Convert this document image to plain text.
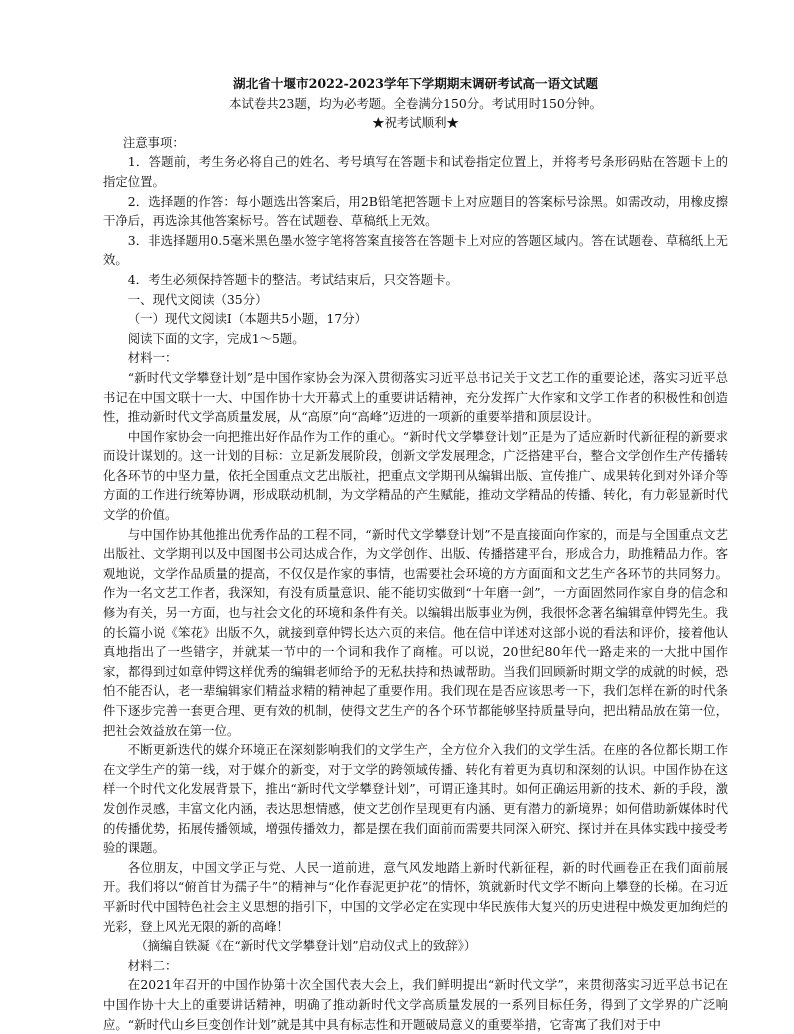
湖北省十堰市2022-2023学年下学期期末调研考试高一语文试题

本试卷共23题，均为必考题。全卷满分150分。考试用时150分钟。

★祝考试顺利★

注意事项：

1．答题前，考生务必将自己的姓名、考号填写在答题卡和试卷指定位置上，并将考号条形码贴在答题卡上的指定位置。

2．选择题的作答：每小题选出答案后，用2B铅笔把答题卡上对应题目的答案标号涂黑。如需改动，用橡皮擦干净后，再选涂其他答案标号。答在试题卷、草稿纸上无效。

3．非选择题用0.5毫米黑色墨水签字笔将答案直接答在答题卡上对应的答题区域内。答在试题卷、草稿纸上无效。

4．考生必须保持答题卡的整洁。考试结束后，只交答题卡。

一、现代文阅读（35分）

（一）现代文阅读Ⅰ（本题共5小题，17分）

阅读下面的文字，完成1～5题。

材料一：

“新时代文学攀登计划”是中国作家协会为深入贯彻落实习近平总书记关于文艺工作的重要论述，落实习近平总书记在中国文联十一大、中国作协十大开幕式上的重要讲话精神，充分发挥广大作家和文学工作者的积极性和创造性，推动新时代文学高质量发展，从“高原”向“高峰”迈进的一项新的重要举措和顶层设计。

中国作家协会一向把推出好作品作为工作的重心。“新时代文学攀登计划”正是为了适应新时代新征程的新要求而设计谋划的。这一计划的目标：立足新发展阶段，创新文学发展理念，广泛搭建平台，整合文学创作生产传播转化各环节的中坚力量，依托全国重点文艺出版社，把重点文学期刊从编辑出版、宣传推广、成果转化到对外译介等方面的工作进行统筹协调，形成联动机制，为文学精品的产生赋能，推动文学精品的传播、转化，有力彰显新时代文学的价值。

与中国作协其他推出优秀作品的工程不同，“新时代文学攀登计划”不是直接面向作家的，而是与全国重点文艺出版社、文学期刊以及中国图书公司达成合作，为文学创作、出版、传播搭建平台，形成合力，助推精品力作。客观地说，文学作品质量的提高，不仅仅是作家的事情，也需要社会环境的方方面面和文艺生产各环节的共同努力。作为一名文艺工作者，我深知，有没有质量意识、能不能切实做到“十年磨一剑”，一方面固然同作家自身的信念和修为有关，另一方面，也与社会文化的环境和条件有关。以编辑出版事业为例，我很怀念著名编辑章仲锷先生。我的长篇小说《笨花》出版不久，就接到章仲锷长达六页的来信。他在信中详述对这部小说的看法和评价，接着他认真地指出了一些错字，并就某一节中的一个词和我作了商榷。可以说，20世纪80年代一路走来的一大批中国作家，都得到过如章仲锷这样优秀的编辑老师给予的无私扶持和热诚帮助。当我们回顾新时期文学的成就的时候，恐怕不能否认，老一辈编辑家们精益求精的精神起了重要作用。我们现在是否应该思考一下，我们怎样在新的时代条件下逐步完善一套更合理、更有效的机制，使得文艺生产的各个环节都能够坚持质量导向，把出精品放在第一位，把社会效益放在第一位。

不断更新迭代的媒介环境正在深刻影响我们的文学生产，全方位介入我们的文学生活。在座的各位都长期工作在文学生产的第一线，对于媒介的新变，对于文学的跨领域传播、转化有着更为真切和深刻的认识。中国作协在这样一个时代文化发展背景下，推出“新时代文学攀登计划”，可谓正逢其时。如何正确运用新的技术、新的手段，激发创作灵感，丰富文化内涵，表达思想情感，使文艺创作呈现更有内涵、更有潜力的新境界；如何借助新媒体时代的传播优势，拓展传播领域，增强传播效力，都是摆在我们面前而需要共同深入研究、探讨并在具体实践中接受考验的课题。

各位朋友，中国文学正与党、人民一道前进，意气风发地踏上新时代新征程，新的时代画卷正在我们面前展开。我们将以“俯首甘为孺子牛”的精神与“化作春泥更护花”的情怀，筑就新时代文学不断向上攀登的长梯。在习近平新时代中国特色社会主义思想的指引下，中国的文学必定在实现中华民族伟大复兴的历史进程中焕发更加绚烂的光彩，登上风光无限的新的高峰！

（摘编自铁凝《在“新时代文学攀登计划”启动仪式上的致辞》）

材料二：

在2021年召开的中国作协第十次全国代表大会上，我们鲜明提出“新时代文学”，来贯彻落实习近平总书记在中国作协十大上的重要讲话精神，明确了推动新时代文学高质量发展的一系列目标任务，得到了文学界的广泛响应。“新时代山乡巨变创作计划”就是其中具有标志性和开题破局意义的重要举措，它寄寓了我们对于中
